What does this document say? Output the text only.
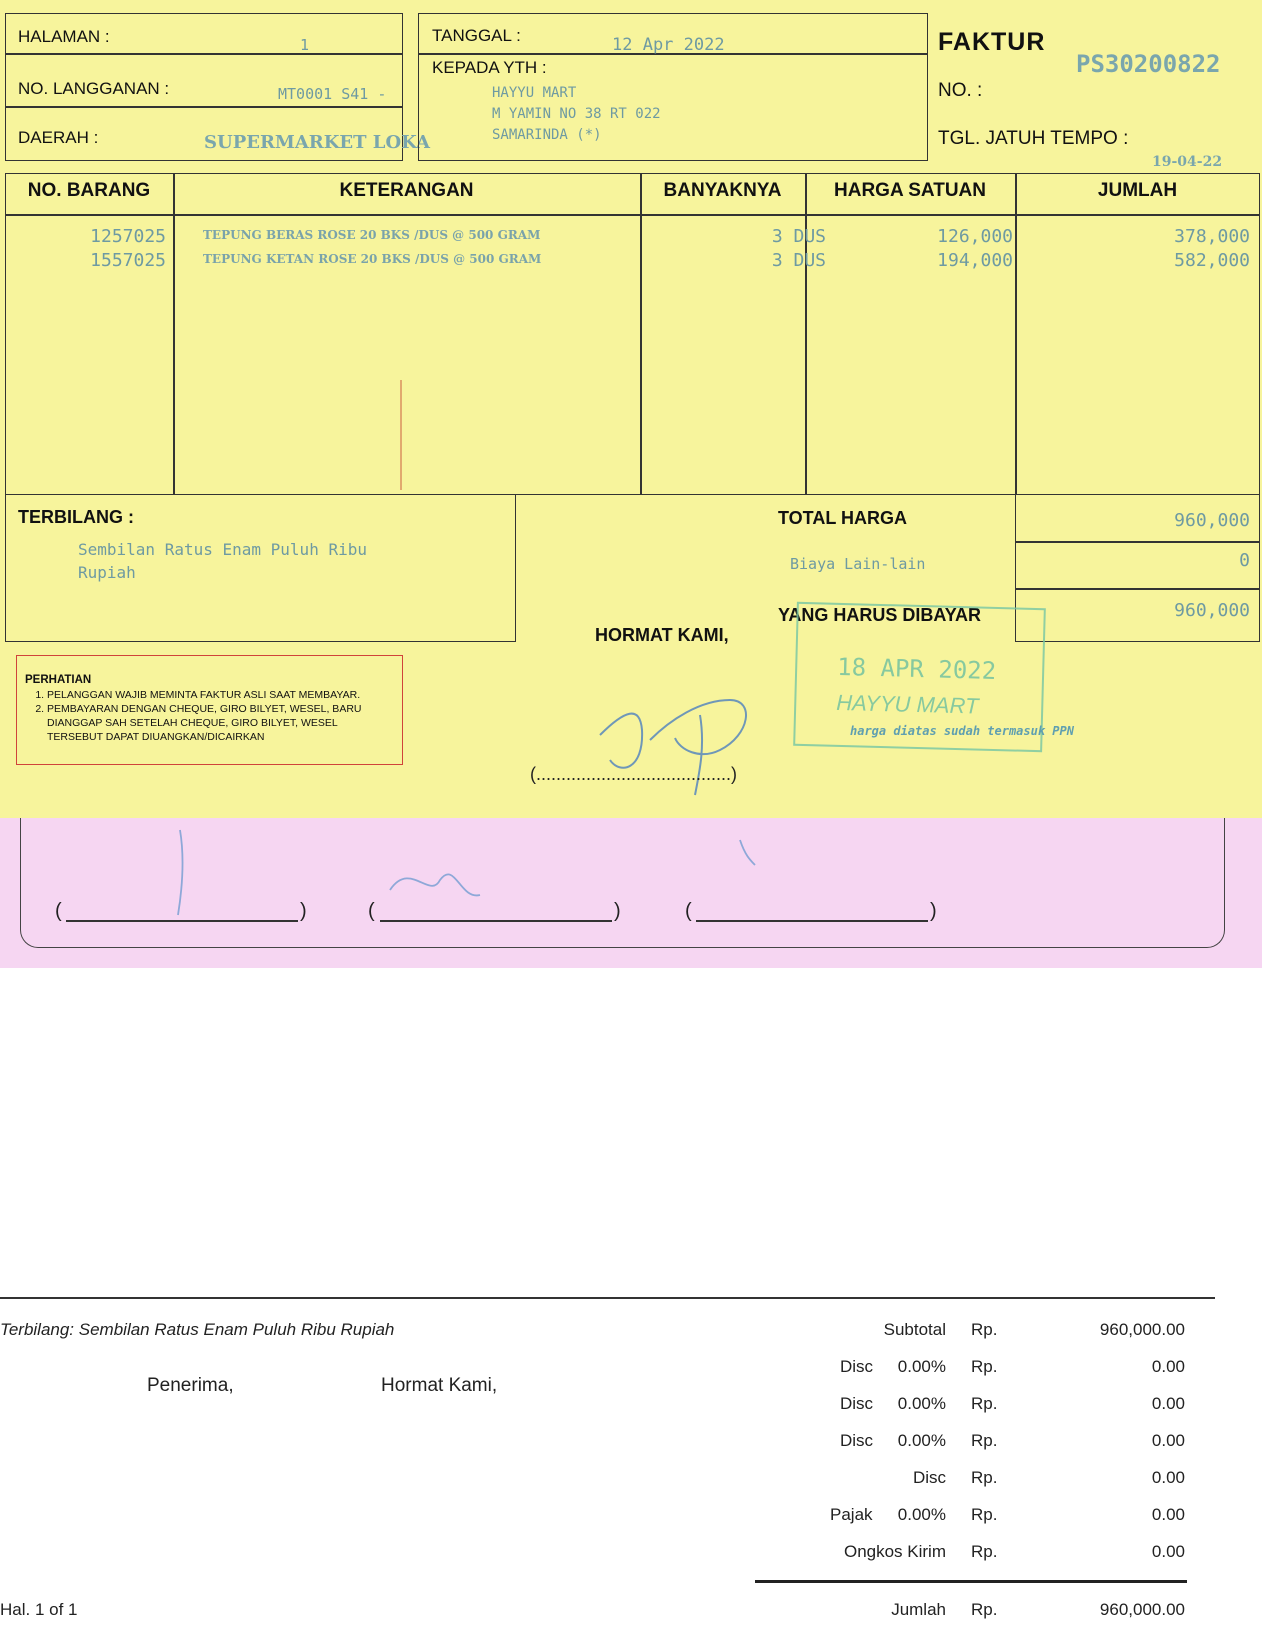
HALAMAN :	1
NO. LANGGANAN :	MT0001 S41 -
DAERAH :	SUPERMARKET LOKA
TANGGAL :	12 Apr 2022
KEPADA YTH :
HAYYU MART
M YAMIN NO 38 RT 022
SAMARINDA (*)
FAKTUR
PS30200822
NO. :
TGL. JATUH TEMPO :
19-04-22
NO. BARANG	KETERANGAN	BANYAKNYA	HARGA SATUAN	JUMLAH
1257025	TEPUNG BERAS ROSE 20 BKS /DUS @ 500 GRAM	3 DUS	126,000	378,000
1557025	TEPUNG KETAN ROSE 20 BKS /DUS @ 500 GRAM	3 DUS	194,000	582,000
TERBILANG :
Sembilan Ratus Enam Puluh Ribu
Rupiah
TOTAL HARGA	960,000
Biaya Lain-lain	0
YANG HARUS DIBAYAR	960,000
HORMAT KAMI,
PERHATIAN
1. PELANGGAN WAJIB MEMINTA FAKTUR ASLI SAAT MEMBAYAR.
2. PEMBAYARAN DENGAN CHEQUE, GIRO BILYET, WESEL, BARU DIANGGAP SAH SETELAH CHEQUE, GIRO BILYET, WESEL TERSEBUT DAPAT DIUANGKAN/DICAIRKAN
18 APR 2022
HAYYU MART
harga diatas sudah termasuk PPN
(.......................................)
(	)	(	)	(	)
Terbilang: Sembilan Ratus Enam Puluh Ribu Rupiah
Penerima,	Hormat Kami,
Hal. 1 of 1
Subtotal Rp.	960,000.00
Disc	0.00% Rp.	0.00
Disc	0.00% Rp.	0.00
Disc	0.00% Rp.	0.00
Disc Rp.	0.00
Pajak	0.00% Rp.	0.00
Ongkos Kirim Rp.	0.00
Jumlah Rp.	960,000.00
